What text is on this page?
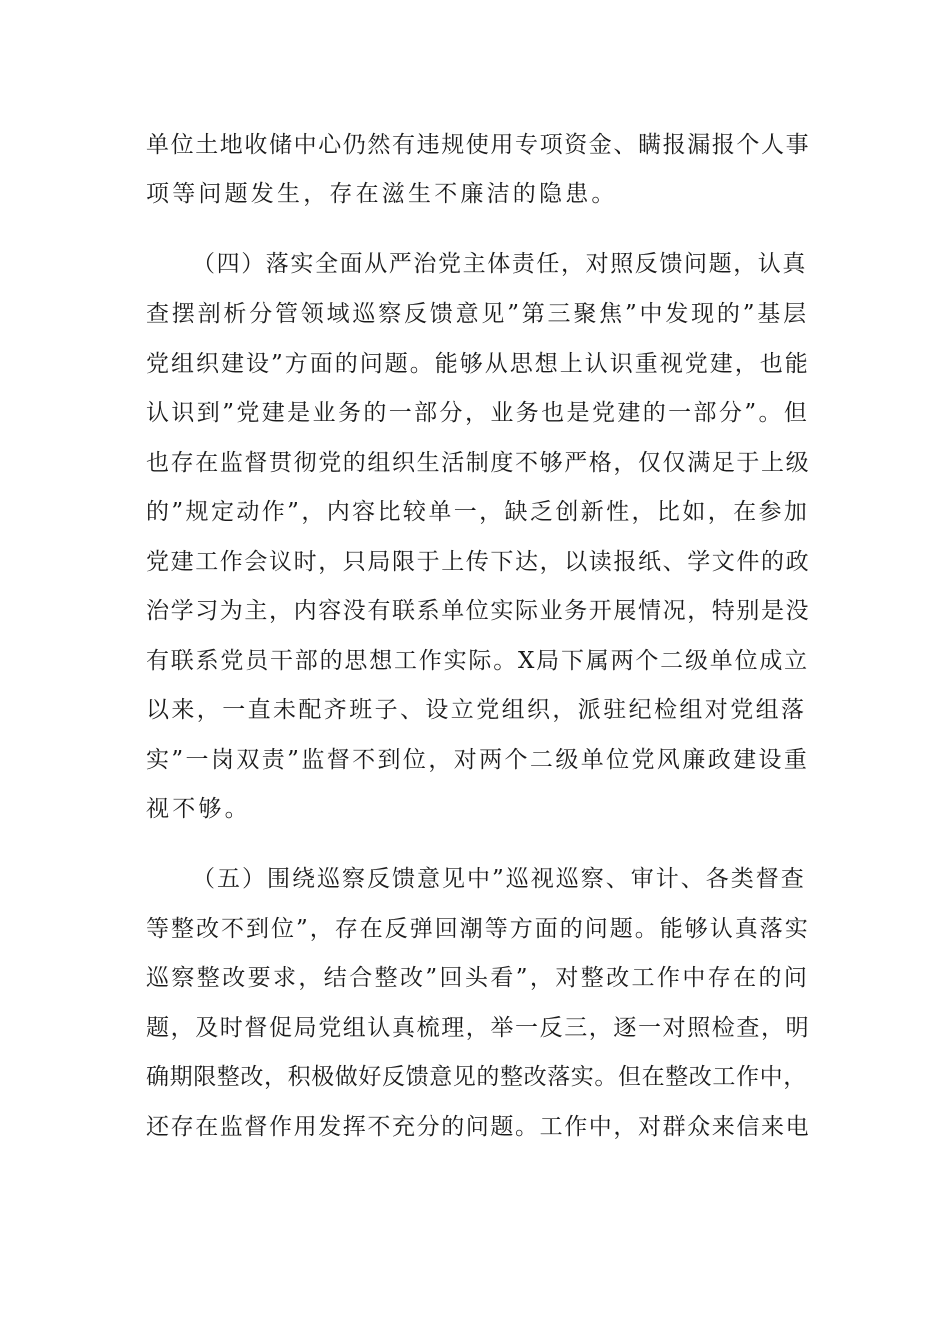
单位土地收储中心仍然有违规使用专项资金、瞒报漏报个人事
项等问题发生，存在滋生不廉洁的隐患。
（四）落实全面从严治党主体责任，对照反馈问题，认真
查摆剖析分管领域巡察反馈意见”第三聚焦”中发现的”基层
党组织建设”方面的问题。能够从思想上认识重视党建，也能
认识到”党建是业务的一部分，业务也是党建的一部分”。但
也存在监督贯彻党的组织生活制度不够严格，仅仅满足于上级
的”规定动作”，内容比较单一，缺乏创新性，比如，在参加
党建工作会议时，只局限于上传下达，以读报纸、学文件的政
治学习为主，内容没有联系单位实际业务开展情况，特别是没
有联系党员干部的思想工作实际。X局下属两个二级单位成立
以来，一直未配齐班子、设立党组织，派驻纪检组对党组落
实”一岗双责”监督不到位，对两个二级单位党风廉政建设重
视不够。
（五）围绕巡察反馈意见中”巡视巡察、审计、各类督查
等整改不到位”，存在反弹回潮等方面的问题。能够认真落实
巡察整改要求，结合整改”回头看”，对整改工作中存在的问
题，及时督促局党组认真梳理，举一反三，逐一对照检查，明
确期限整改，积极做好反馈意见的整改落实。但在整改工作中，
还存在监督作用发挥不充分的问题。工作中，对群众来信来电
